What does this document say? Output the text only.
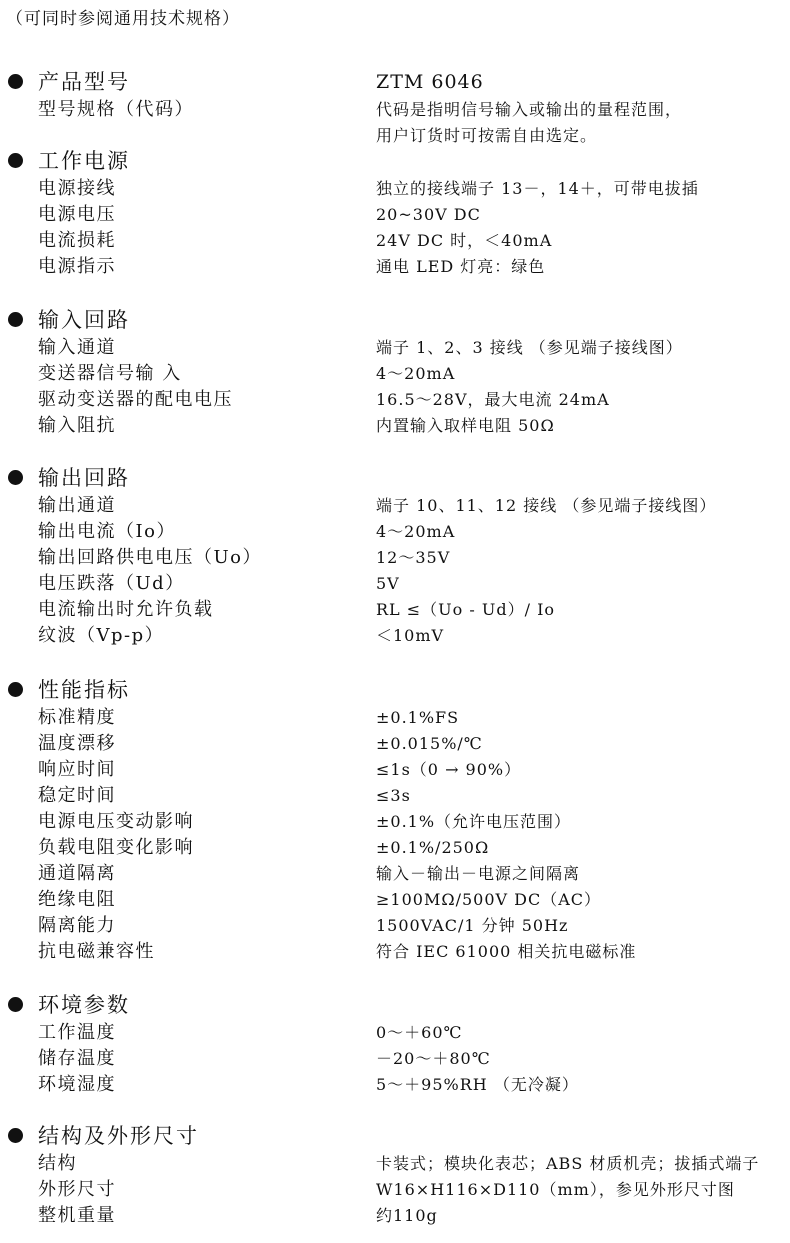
（可同时参阅通用技术规格）
产品型号	ZTM 6046
型号规格（代码）	代码是指明信号输入或输出的量程范围，
用户订货时可按需自由选定。
工作电源
电源接线	独立的接线端子 13－，14＋，可带电拔插
电源电压	20~30V DC
电流损耗	24V DC 时，＜40mA
电源指示	通电 LED 灯亮：绿色
输入回路
输入通道	端子 1、2、3 接线 （参见端子接线图）
变送器信号输 入	4～20mA
驱动变送器的配电电压	16.5～28V，最大电流 24mA
输入阻抗	内置输入取样电阻 50Ω
输出回路
输出通道	端子 10、11、12 接线 （参见端子接线图）
输出电流（Io）	4～20mA
输出回路供电电压（Uo）	12～35V
电压跌落（Ud）	5V
电流输出时允许负载	RL ≤（Uo - Ud）/ Io
纹波（Vp-p）	＜10mV
性能指标
标准精度	±0.1%FS
温度漂移	±0.015%/℃
响应时间	≤1s（0 → 90%）
稳定时间	≤3s
电源电压变动影响	±0.1%（允许电压范围）
负载电阻变化影响	±0.1%/250Ω
通道隔离	输入－输出－电源之间隔离
绝缘电阻	≥100MΩ/500V DC（AC）
隔离能力	1500VAC/1 分钟 50Hz
抗电磁兼容性	符合 IEC 61000 相关抗电磁标准
环境参数
工作温度	0～＋60℃
储存温度	－20～＋80℃
环境湿度	5～＋95%RH （无冷凝）
结构及外形尺寸
结构	卡装式；模块化表芯；ABS 材质机壳；拔插式端子
外形尺寸	W16×H116×D110（mm），参见外形尺寸图
整机重量	约110g
